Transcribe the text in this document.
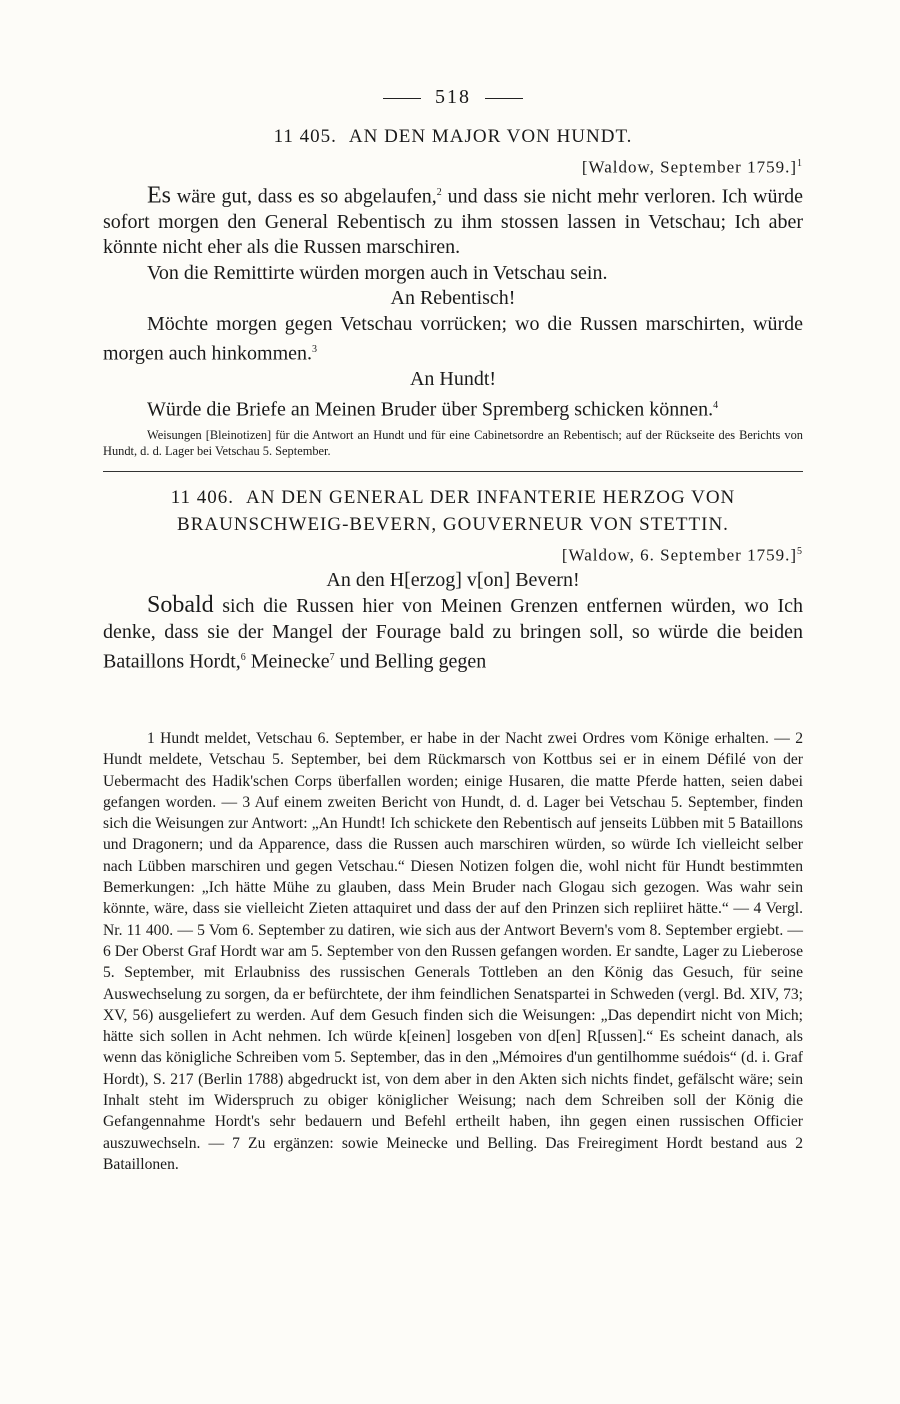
518
11 405. AN DEN MAJOR VON HUNDT.
[Waldow, September 1759.]$^1$

Es wäre gut, dass es so abgelaufen,$^2$ und dass sie nicht mehr verloren. Ich würde sofort morgen den General Rebentisch zu ihm stossen lassen in Vetschau; Ich aber könnte nicht eher als die Russen marschiren.

Von die Remittirte würden morgen auch in Vetschau sein.

An Rebentisch!

Möchte morgen gegen Vetschau vorrücken; wo die Russen marschirten, würde morgen auch hinkommen.$^3$

An Hundt!

Würde die Briefe an Meinen Bruder über Spremberg schicken können.$^4$

Weisungen [Bleinotizen] für die Antwort an Hundt und für eine Cabinetsordre an Rebentisch; auf der Rückseite des Berichts von Hundt, d. d. Lager bei Vetschau 5. September.
11 406. AN DEN GENERAL DER INFANTERIE HERZOG VON BRAUNSCHWEIG-BEVERN, GOUVERNEUR VON STETTIN.
[Waldow, 6. September 1759.]$^5$

An den H[erzog] v[on] Bevern!

Sobald sich die Russen hier von Meinen Grenzen entfernen würden, wo Ich denke, dass sie der Mangel der Fourage bald zu bringen soll, so würde die beiden Bataillons Hordt,$^6$ Meinecke$^7$ und Belling gegen

1 Hundt meldet, Vetschau 6. September, er habe in der Nacht zwei Ordres vom Könige erhalten. — 2 Hundt meldete, Vetschau 5. September, bei dem Rückmarsch von Kottbus sei er in einem Défilé von der Uebermacht des Hadik'schen Corps überfallen worden; einige Husaren, die matte Pferde hatten, seien dabei gefangen worden. — 3 Auf einem zweiten Bericht von Hundt, d. d. Lager bei Vetschau 5. September, finden sich die Weisungen zur Antwort: „An Hundt! Ich schickete den Rebentisch auf jenseits Lübben mit 5 Bataillons und Dragonern; und da Apparence, dass die Russen auch marschiren würden, so würde Ich vielleicht selber nach Lübben marschiren und gegen Vetschau.“ Diesen Notizen folgen die, wohl nicht für Hundt bestimmten Bemerkungen: „Ich hätte Mühe zu glauben, dass Mein Bruder nach Glogau sich gezogen. Was wahr sein könnte, wäre, dass sie vielleicht Zieten attaquiret und dass der auf den Prinzen sich repliiret hätte.“ — 4 Vergl. Nr. 11 400. — 5 Vom 6. September zu datiren, wie sich aus der Antwort Bevern's vom 8. September ergiebt. — 6 Der Oberst Graf Hordt war am 5. September von den Russen gefangen worden. Er sandte, Lager zu Lieberose 5. September, mit Erlaubniss des russischen Generals Tottleben an den König das Gesuch, für seine Auswechselung zu sorgen, da er befürchtete, der ihm feindlichen Senatspartei in Schweden (vergl. Bd. XIV, 73; XV, 56) ausgeliefert zu werden. Auf dem Gesuch finden sich die Weisungen: „Das dependirt nicht von Mich; hätte sich sollen in Acht nehmen. Ich würde k[einen] losgeben von d[en] R[ussen].“ Es scheint danach, als wenn das königliche Schreiben vom 5. September, das in den „Mémoires d'un gentilhomme suédois“ (d. i. Graf Hordt), S. 217 (Berlin 1788) abgedruckt ist, von dem aber in den Akten sich nichts findet, gefälscht wäre; sein Inhalt steht im Widerspruch zu obiger königlicher Weisung; nach dem Schreiben soll der König die Gefangennahme Hordt's sehr bedauern und Befehl ertheilt haben, ihn gegen einen russischen Officier auszuwechseln. — 7 Zu ergänzen: sowie Meinecke und Belling. Das Freiregiment Hordt bestand aus 2 Bataillonen.
